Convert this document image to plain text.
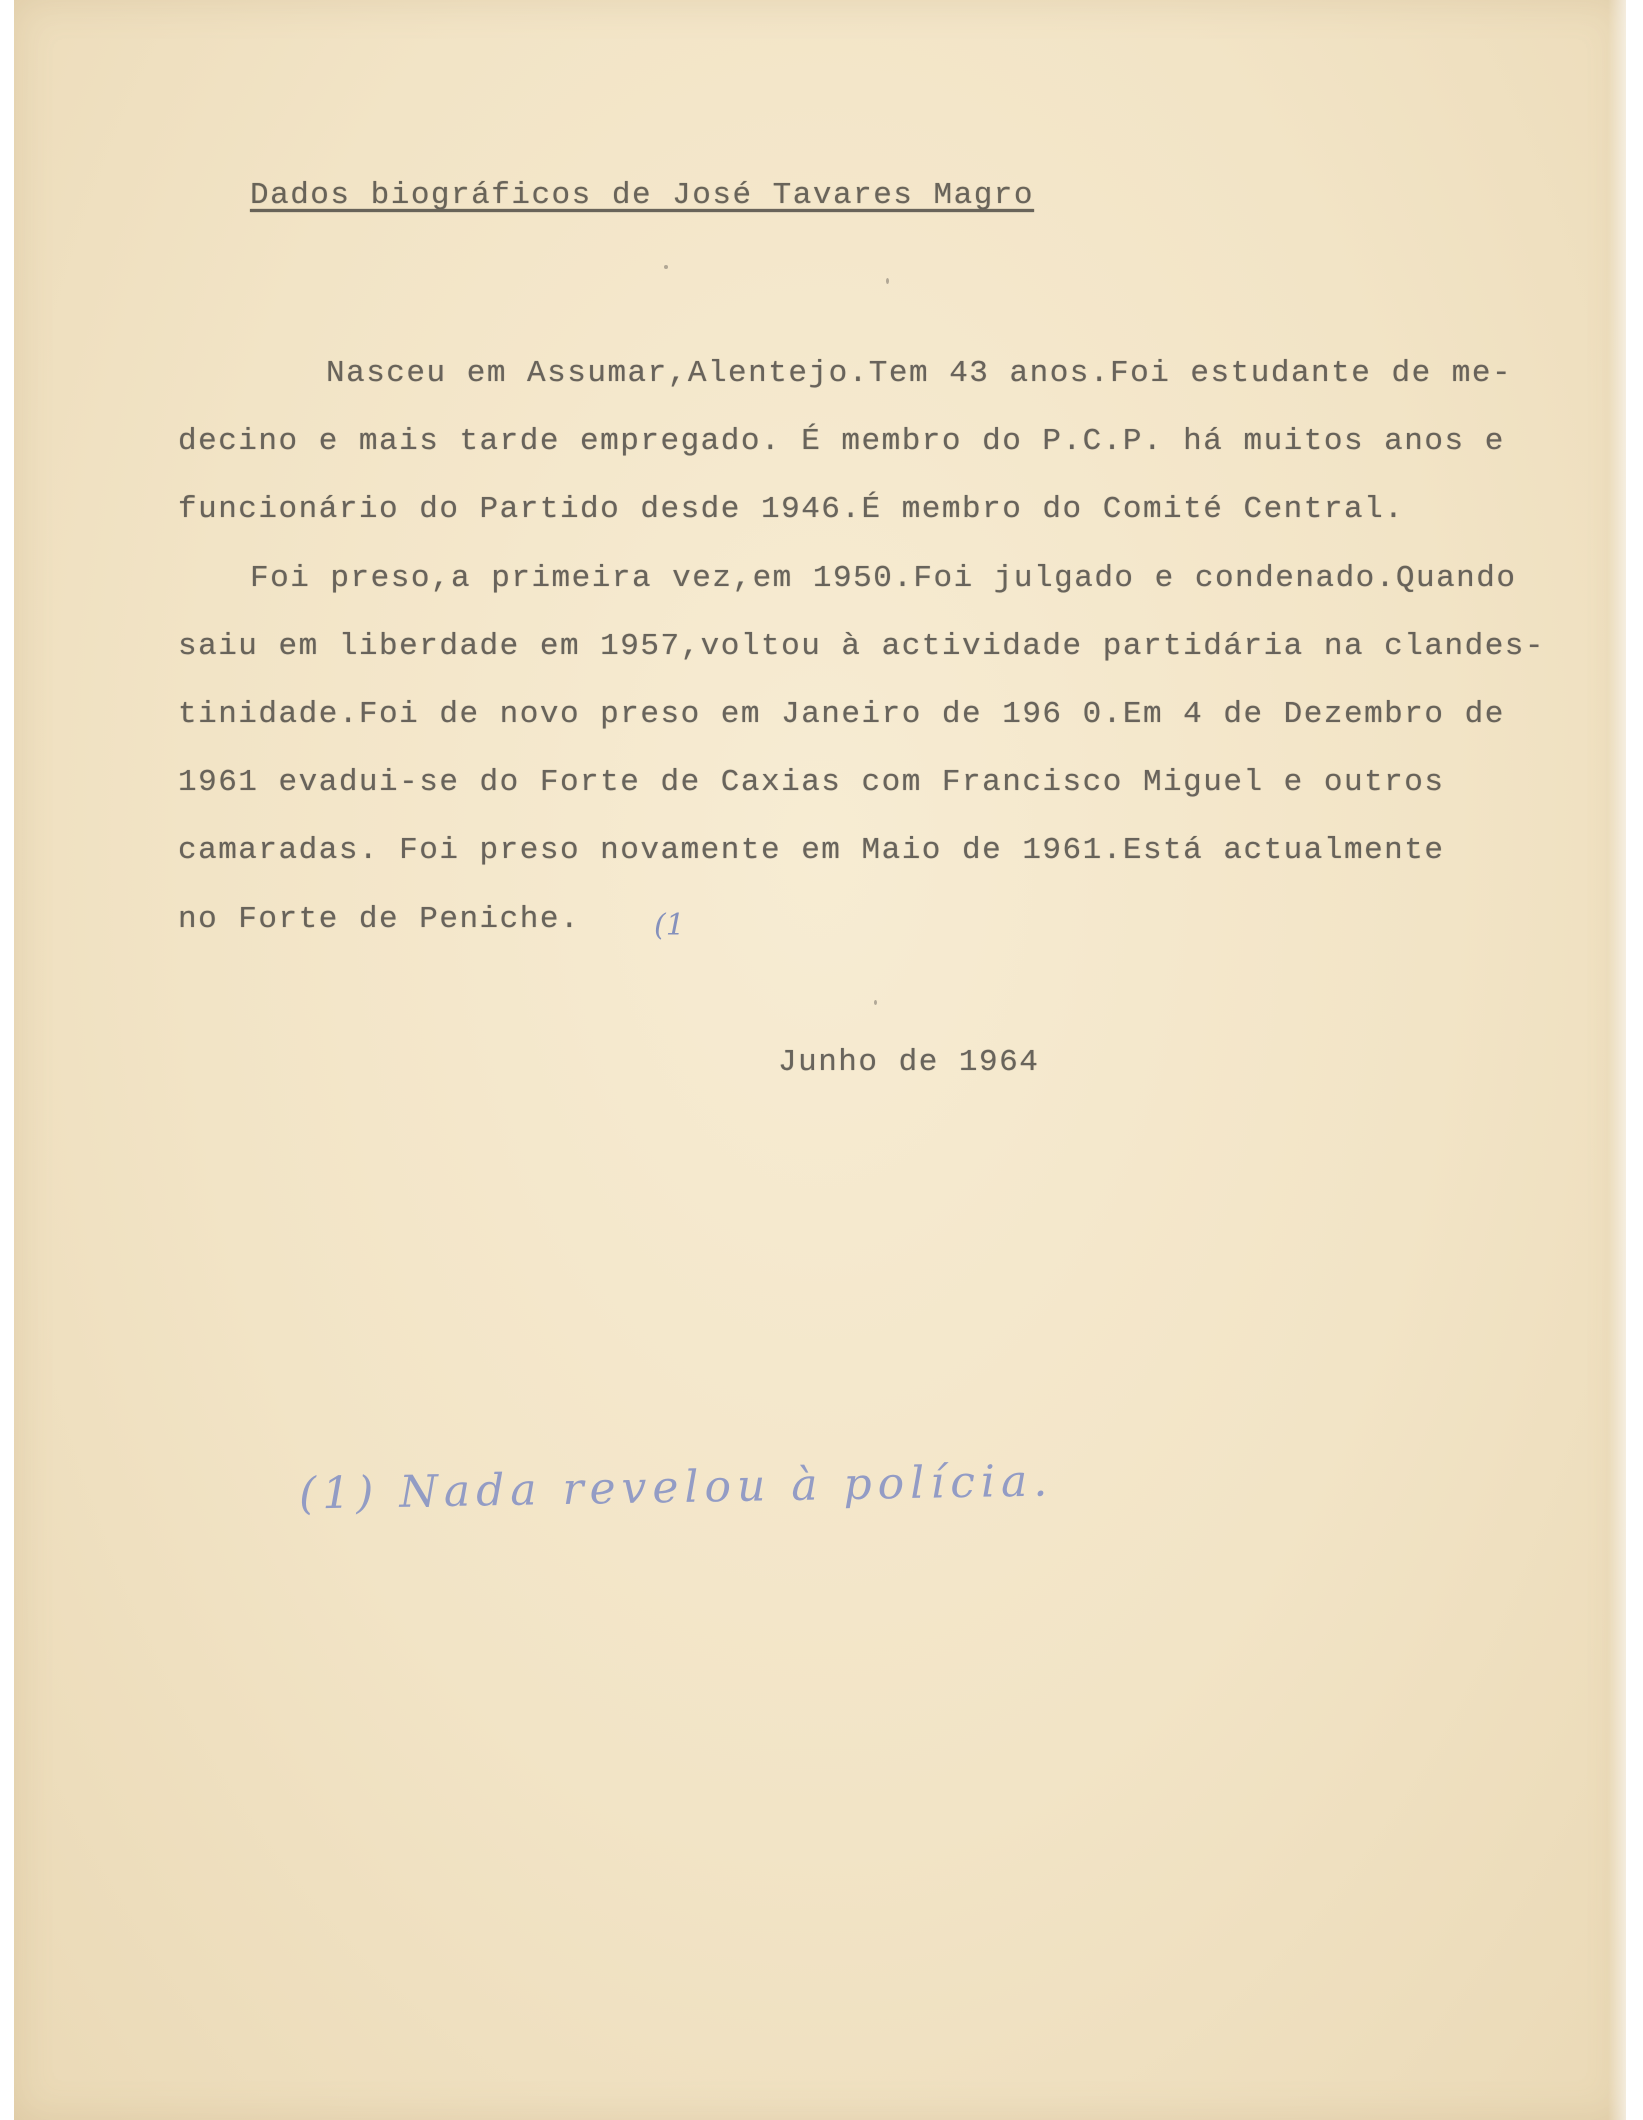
Dados biográficos de José Tavares Magro
Nasceu em Assumar,Alentejo.Tem 43 anos.Foi estudante de me-
decino e mais tarde empregado. É membro do P.C.P. há muitos anos e
funcionário do Partido desde 1946.É membro do Comité Central.
Foi preso,a primeira vez,em 1950.Foi julgado e condenado.Quando
saiu em liberdade em 1957,voltou à actividade partidária na clandes-
tinidade.Foi de novo preso em Janeiro de 196 0.Em 4 de Dezembro de
1961 evadui-se do Forte de Caxias com Francisco Miguel e outros
camaradas. Foi preso novamente em Maio de 1961.Está actualmente
no Forte de Peniche. (1
Junho de 1964
(1) Nada revelou à polícia.
